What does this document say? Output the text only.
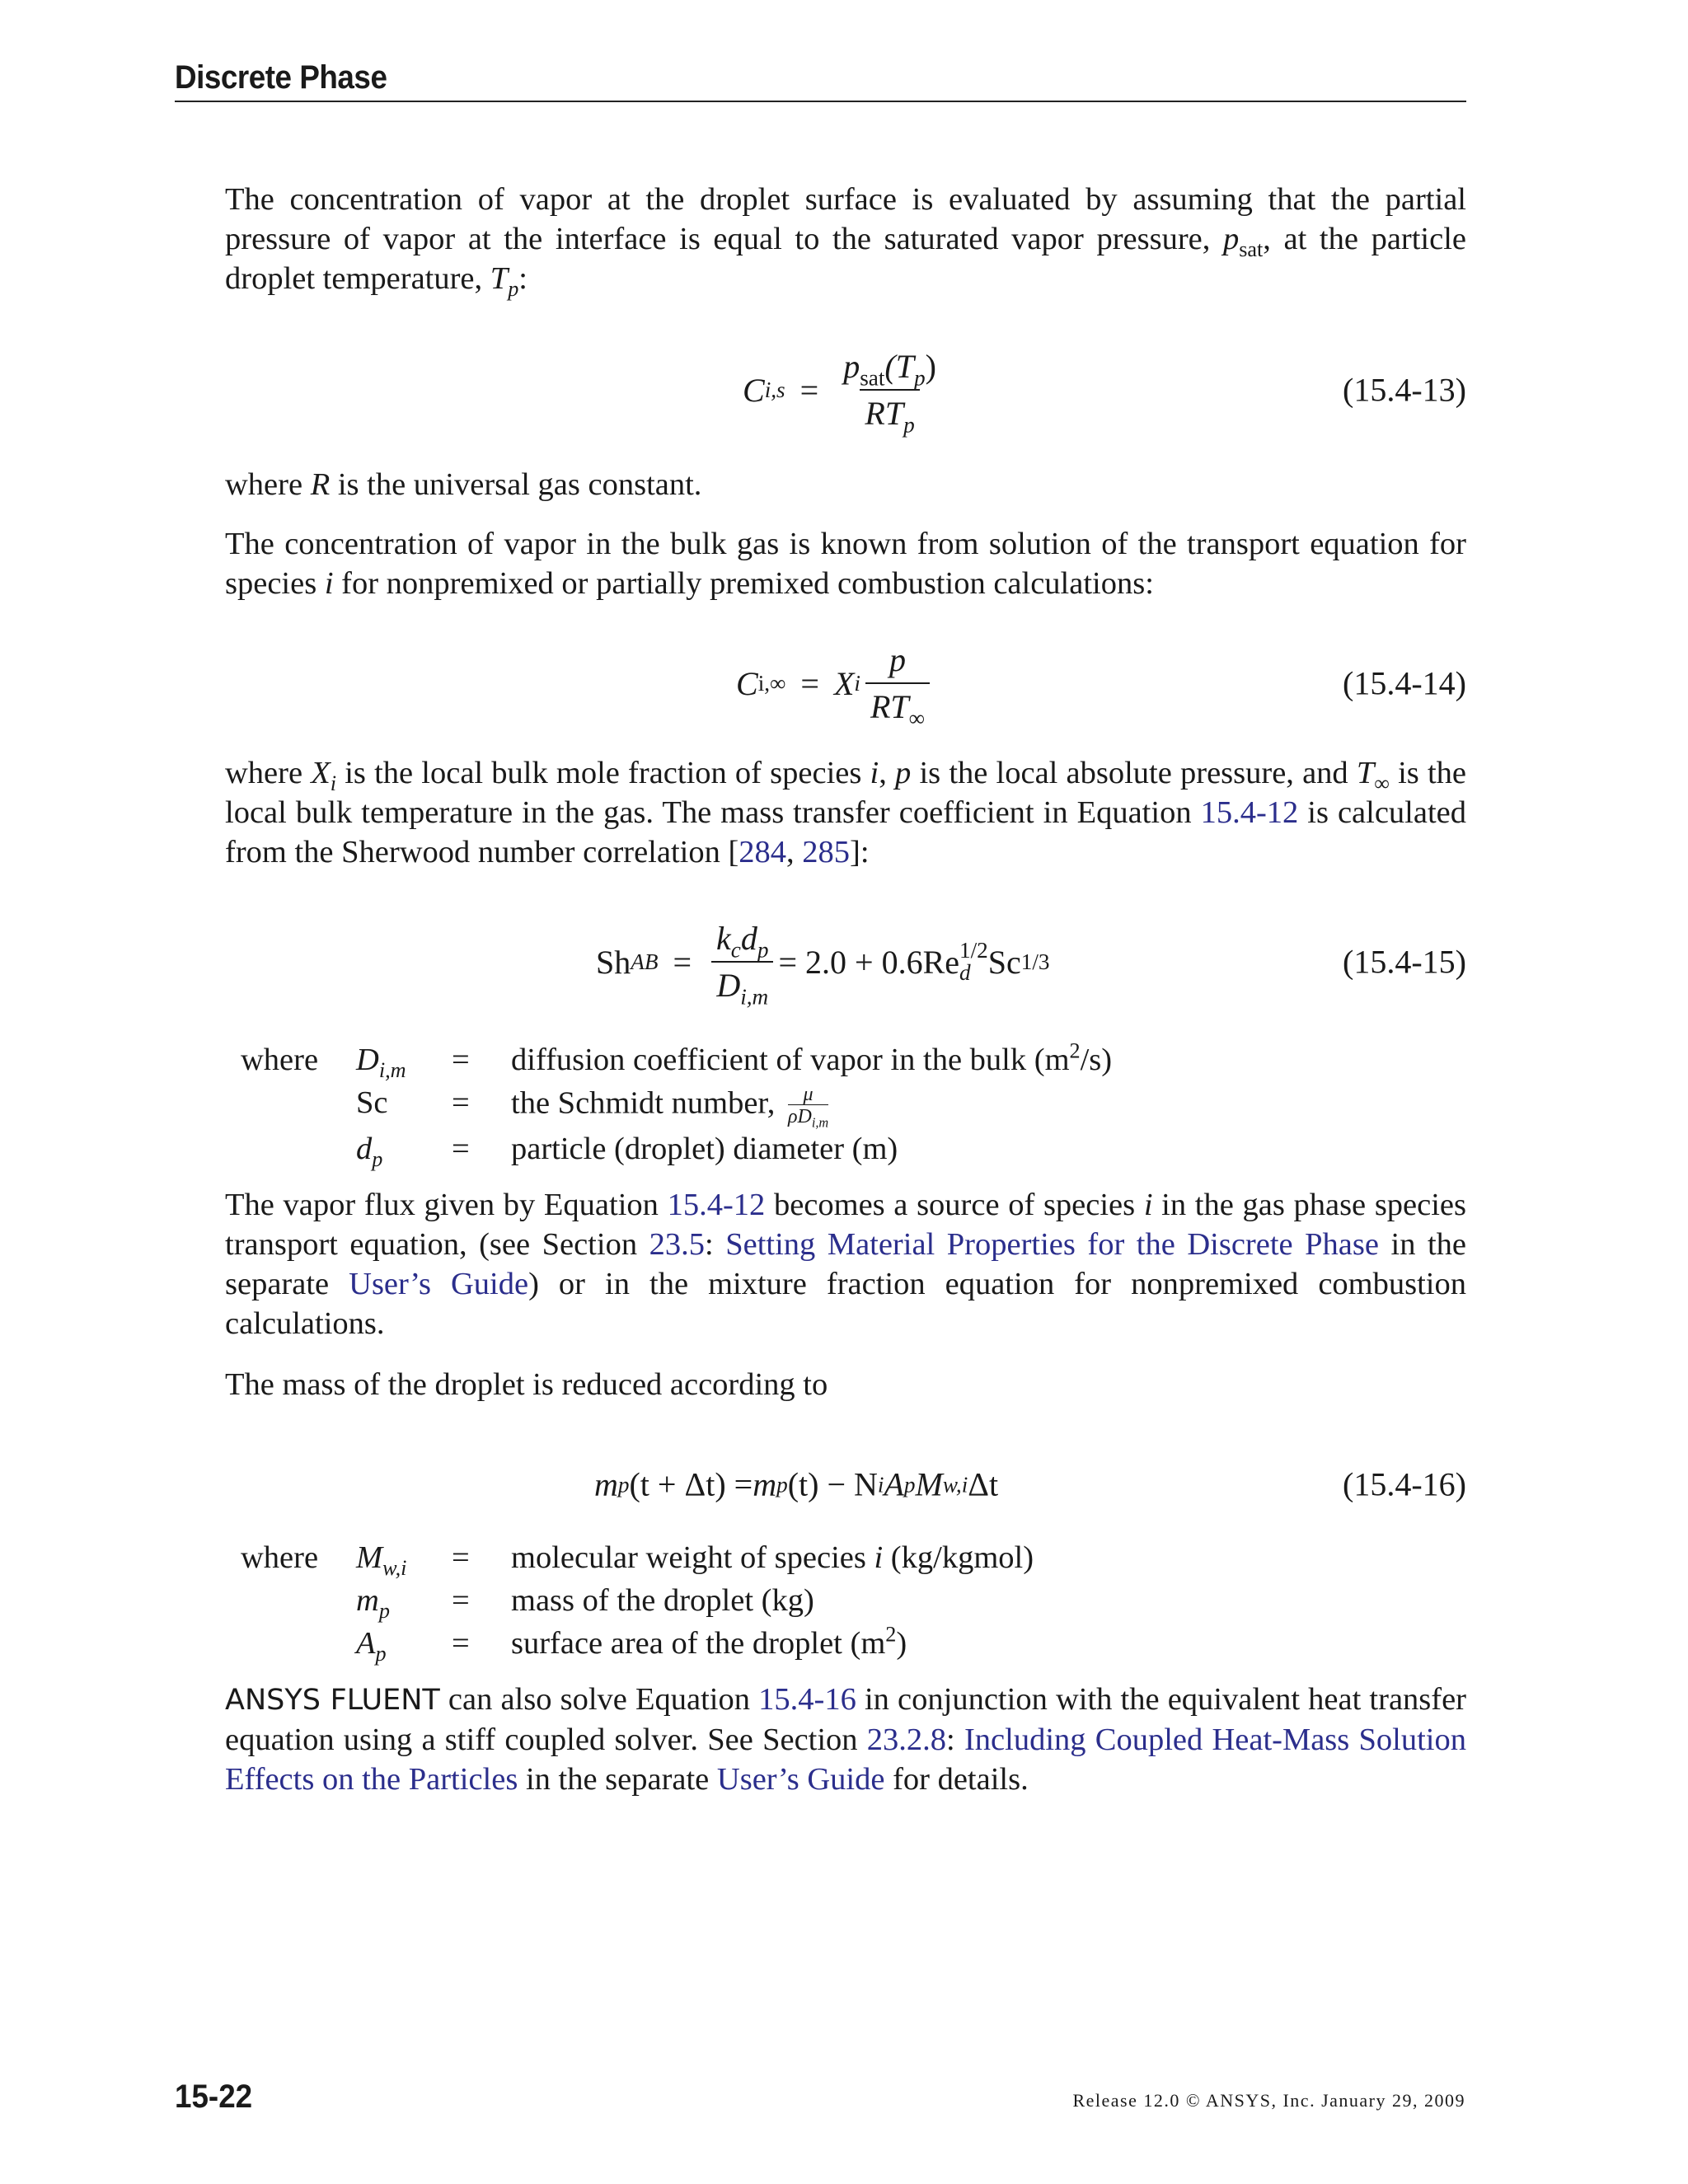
Discrete Phase

The concentration of vapor at the droplet surface is evaluated by assuming that the partial pressure of vapor at the interface is equal to the saturated vapor pressure, $p_{sat}$, at the particle droplet temperature, $T_p$:

C $i,s = \frac{p_{sat}(T_p)}{RT_p}$	(15.4-13)

where R is the universal gas constant.

The concentration of vapor in the bulk gas is known from solution of the transport equation for species i for nonpremixed or partially premixed combustion calculations:

C i,∞ = X i $\frac{p}{RT_\infty}$	(15.4-14)

where $X_i$ is the local bulk mole fraction of species i, p is the local absolute pressure, and $T_\infty$ is the local bulk temperature in the gas. The mass transfer coefficient in Equation 15.4-12 is calculated from the Sherwood number correlation [284, 285]:

Sh AB = $\frac{k_cd_p}{D_{i,m}} = 2.0 + 0.6Re$ 1/2
d Sc 1/3	(15.4-15)
where $D_{i,m}$ = diffusion coefficient of vapor in the bulk $(m^2/s)$
Sc = the Schmidt number, $\frac{\mu}{\rho D_{i,m}}$
$d_p$ = particle (droplet) diameter (m)

The vapor flux given by Equation 15.4-12 becomes a source of species i in the gas phase species transport equation, (see Section 23.5: Setting Material Properties for the Discrete Phase in the separate User’s Guide) or in the mixture fraction equation for nonpremixed combustion calculations.

The mass of the droplet is reduced according to

m p (t + Δt) = m p (t) − N i A p M w,i Δt	(15.4-16)
where $M_{w,i}$ = molecular weight of species i (kg/kgmol)
$m_p$ = mass of the droplet (kg)
$A_p$ = surface area of the droplet $(m^2)$

ANSYS FLUENT can also solve Equation 15.4-16 in conjunction with the equivalent heat transfer equation using a stiff coupled solver. See Section 23.2.8: Including Coupled Heat-Mass Solution Effects on the Particles in the separate User’s Guide for details.

15-22	Release 12.0 © ANSYS, Inc. January 29, 2009
